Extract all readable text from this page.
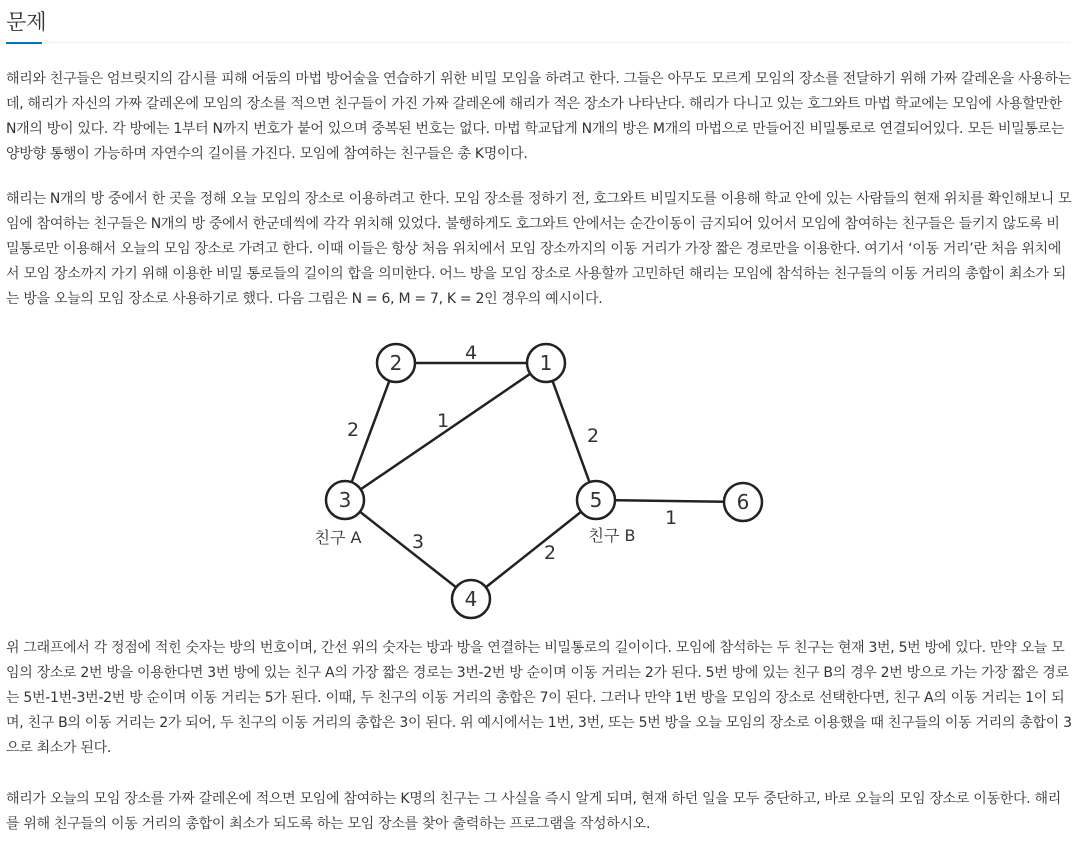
문제

해리와 친구들은 엄브릿지의 감시를 피해 어둠의 마법 방어술을 연습하기 위한 비밀 모임을 하려고 한다. 그들은 아무도 모르게 모임의 장소를 전달하기 위해 가짜 갈레온을 사용하는데, 해리가 자신의 가짜 갈레온에 모임의 장소를 적으면 친구들이 가진 가짜 갈레온에 해리가 적은 장소가 나타난다. 해리가 다니고 있는 호그와트 마법 학교에는 모임에 사용할만한 N개의 방이 있다. 각 방에는 1부터 N까지 번호가 붙어 있으며 중복된 번호는 없다. 마법 학교답게 N개의 방은 M개의 마법으로 만들어진 비밀통로로 연결되어있다. 모든 비밀통로는 양방향 통행이 가능하며 자연수의 길이를 가진다. 모임에 참여하는 친구들은 총 K명이다.

해리는 N개의 방 중에서 한 곳을 정해 오늘 모임의 장소로 이용하려고 한다. 모임 장소를 정하기 전, 호그와트 비밀지도를 이용해 학교 안에 있는 사람들의 현재 위치를 확인해보니 모임에 참여하는 친구들은 N개의 방 중에서 한군데씩에 각각 위치해 있었다. 불행하게도 호그와트 안에서는 순간이동이 금지되어 있어서 모임에 참여하는 친구들은 들키지 않도록 비밀통로만 이용해서 오늘의 모임 장소로 가려고 한다. 이때 이들은 항상 처음 위치에서 모임 장소까지의 이동 거리가 가장 짧은 경로만을 이용한다. 여기서 ‘이동 거리’란 처음 위치에서 모임 장소까지 가기 위해 이용한 비밀 통로들의 길이의 합을 의미한다. 어느 방을 모임 장소로 사용할까 고민하던 해리는 모임에 참석하는 친구들의 이동 거리의 총합이 최소가 되는 방을 오늘의 모임 장소로 사용하기로 했다. 다음 그림은 N = 6, M = 7, K = 2인 경우의 예시이다.

4
1
2	2
3	2
1
2	1
3	5	6
4
친구 A	친구 B

위 그래프에서 각 정점에 적힌 숫자는 방의 번호이며, 간선 위의 숫자는 방과 방을 연결하는 비밀통로의 길이이다. 모임에 참석하는 두 친구는 현재 3번, 5번 방에 있다. 만약 오늘 모임의 장소로 2번 방을 이용한다면 3번 방에 있는 친구 A의 가장 짧은 경로는 3번-2번 방 순이며 이동 거리는 2가 된다. 5번 방에 있는 친구 B의 경우 2번 방으로 가는 가장 짧은 경로는 5번-1번-3번-2번 방 순이며 이동 거리는 5가 된다. 이때, 두 친구의 이동 거리의 총합은 7이 된다. 그러나 만약 1번 방을 모임의 장소로 선택한다면, 친구 A의 이동 거리는 1이 되며, 친구 B의 이동 거리는 2가 되어, 두 친구의 이동 거리의 총합은 3이 된다. 위 예시에서는 1번, 3번, 또는 5번 방을 오늘 모임의 장소로 이용했을 때 친구들의 이동 거리의 총합이 3으로 최소가 된다.

해리가 오늘의 모임 장소를 가짜 갈레온에 적으면 모임에 참여하는 K명의 친구는 그 사실을 즉시 알게 되며, 현재 하던 일을 모두 중단하고, 바로 오늘의 모임 장소로 이동한다. 해리를 위해 친구들의 이동 거리의 총합이 최소가 되도록 하는 모임 장소를 찾아 출력하는 프로그램을 작성하시오.
